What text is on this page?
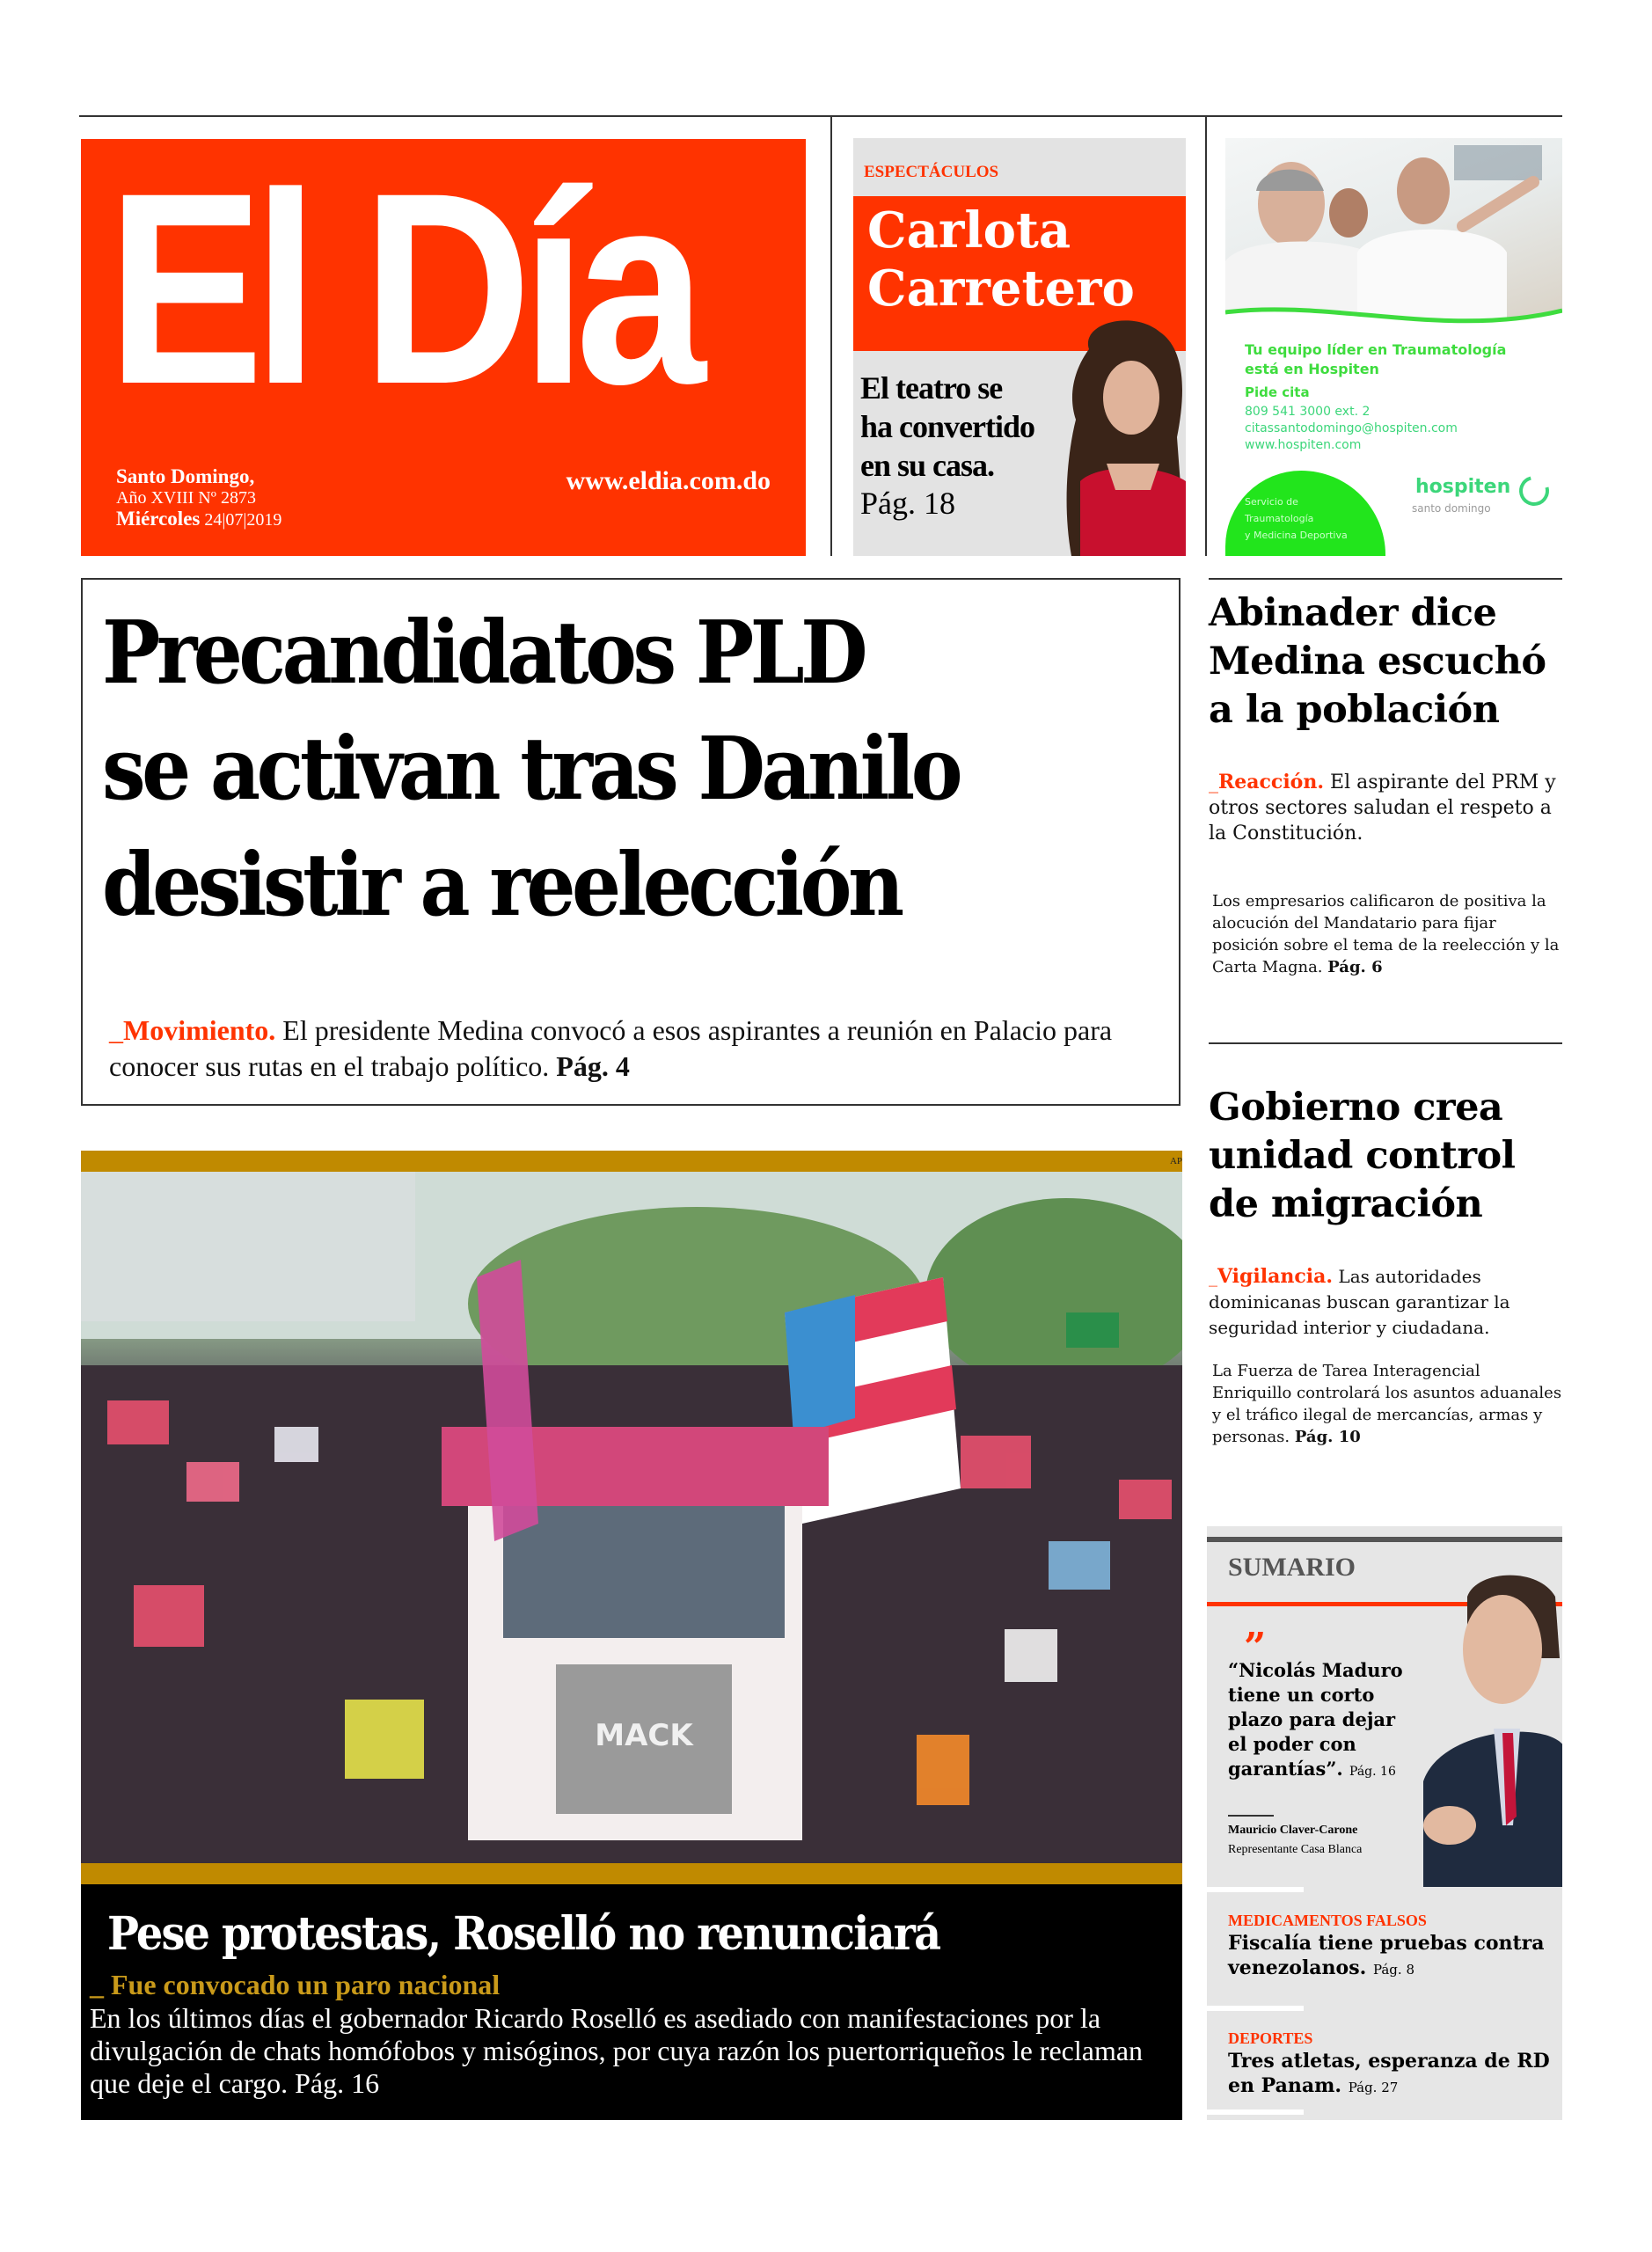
El Día
Santo Domingo,
Año XVIII Nº 2873
Miércoles 24|07|2019
www.eldia.com.do
ESPECTÁCULOS
Carlota
Carretero
El teatro se
ha convertido
en su casa.
Pág. 18
Tu equipo líder en Traumatología
está en Hospiten
Pide cita
809 541 3000 ext. 2
citassantodomingo@hospiten.com
www.hospiten.com
Servicio de
Traumatología
y Medicina Deportiva
hospiten
santo domingo
Precandidatos PLD
se activan tras Danilo
desistir a reelección
_Movimiento. El presidente Medina convocó a esos aspirantes a reunión en Palacio para conocer sus rutas en el trabajo político. Pág. 4
Abinader dice
Medina escuchó
a la población
_Reacción. El aspirante del PRM y otros sectores saludan el respeto a la Constitución.
Los empresarios calificaron de positiva la alocución del Mandatario para fijar posición sobre el tema de la reelección y la Carta Magna. Pág. 6
Gobierno crea
unidad control
de migración
_Vigilancia. Las autoridades dominicanas buscan garantizar la seguridad interior y ciudadana.
La Fuerza de Tarea Interagencial Enriquillo controlará los asuntos aduanales y el tráfico ilegal de mercancías, armas y personas. Pág. 10
AP
MACK
Pese protestas, Roselló no renunciará
_ Fue convocado un paro nacional
En los últimos días el gobernador Ricardo Roselló es asediado con manifestaciones por la divulgación de chats homófobos y misóginos, por cuya razón los puertorriqueños le reclaman que deje el cargo. Pág. 16
SUMARIO
”
“Nicolás Maduro tiene un corto plazo para dejar el poder con garantías”. Pág. 16
Mauricio Claver-Carone
Representante Casa Blanca
MEDICAMENTOS FALSOS
Fiscalía tiene pruebas contra venezolanos. Pág. 8
DEPORTES
Tres atletas, esperanza de RD en Panam. Pág. 27
